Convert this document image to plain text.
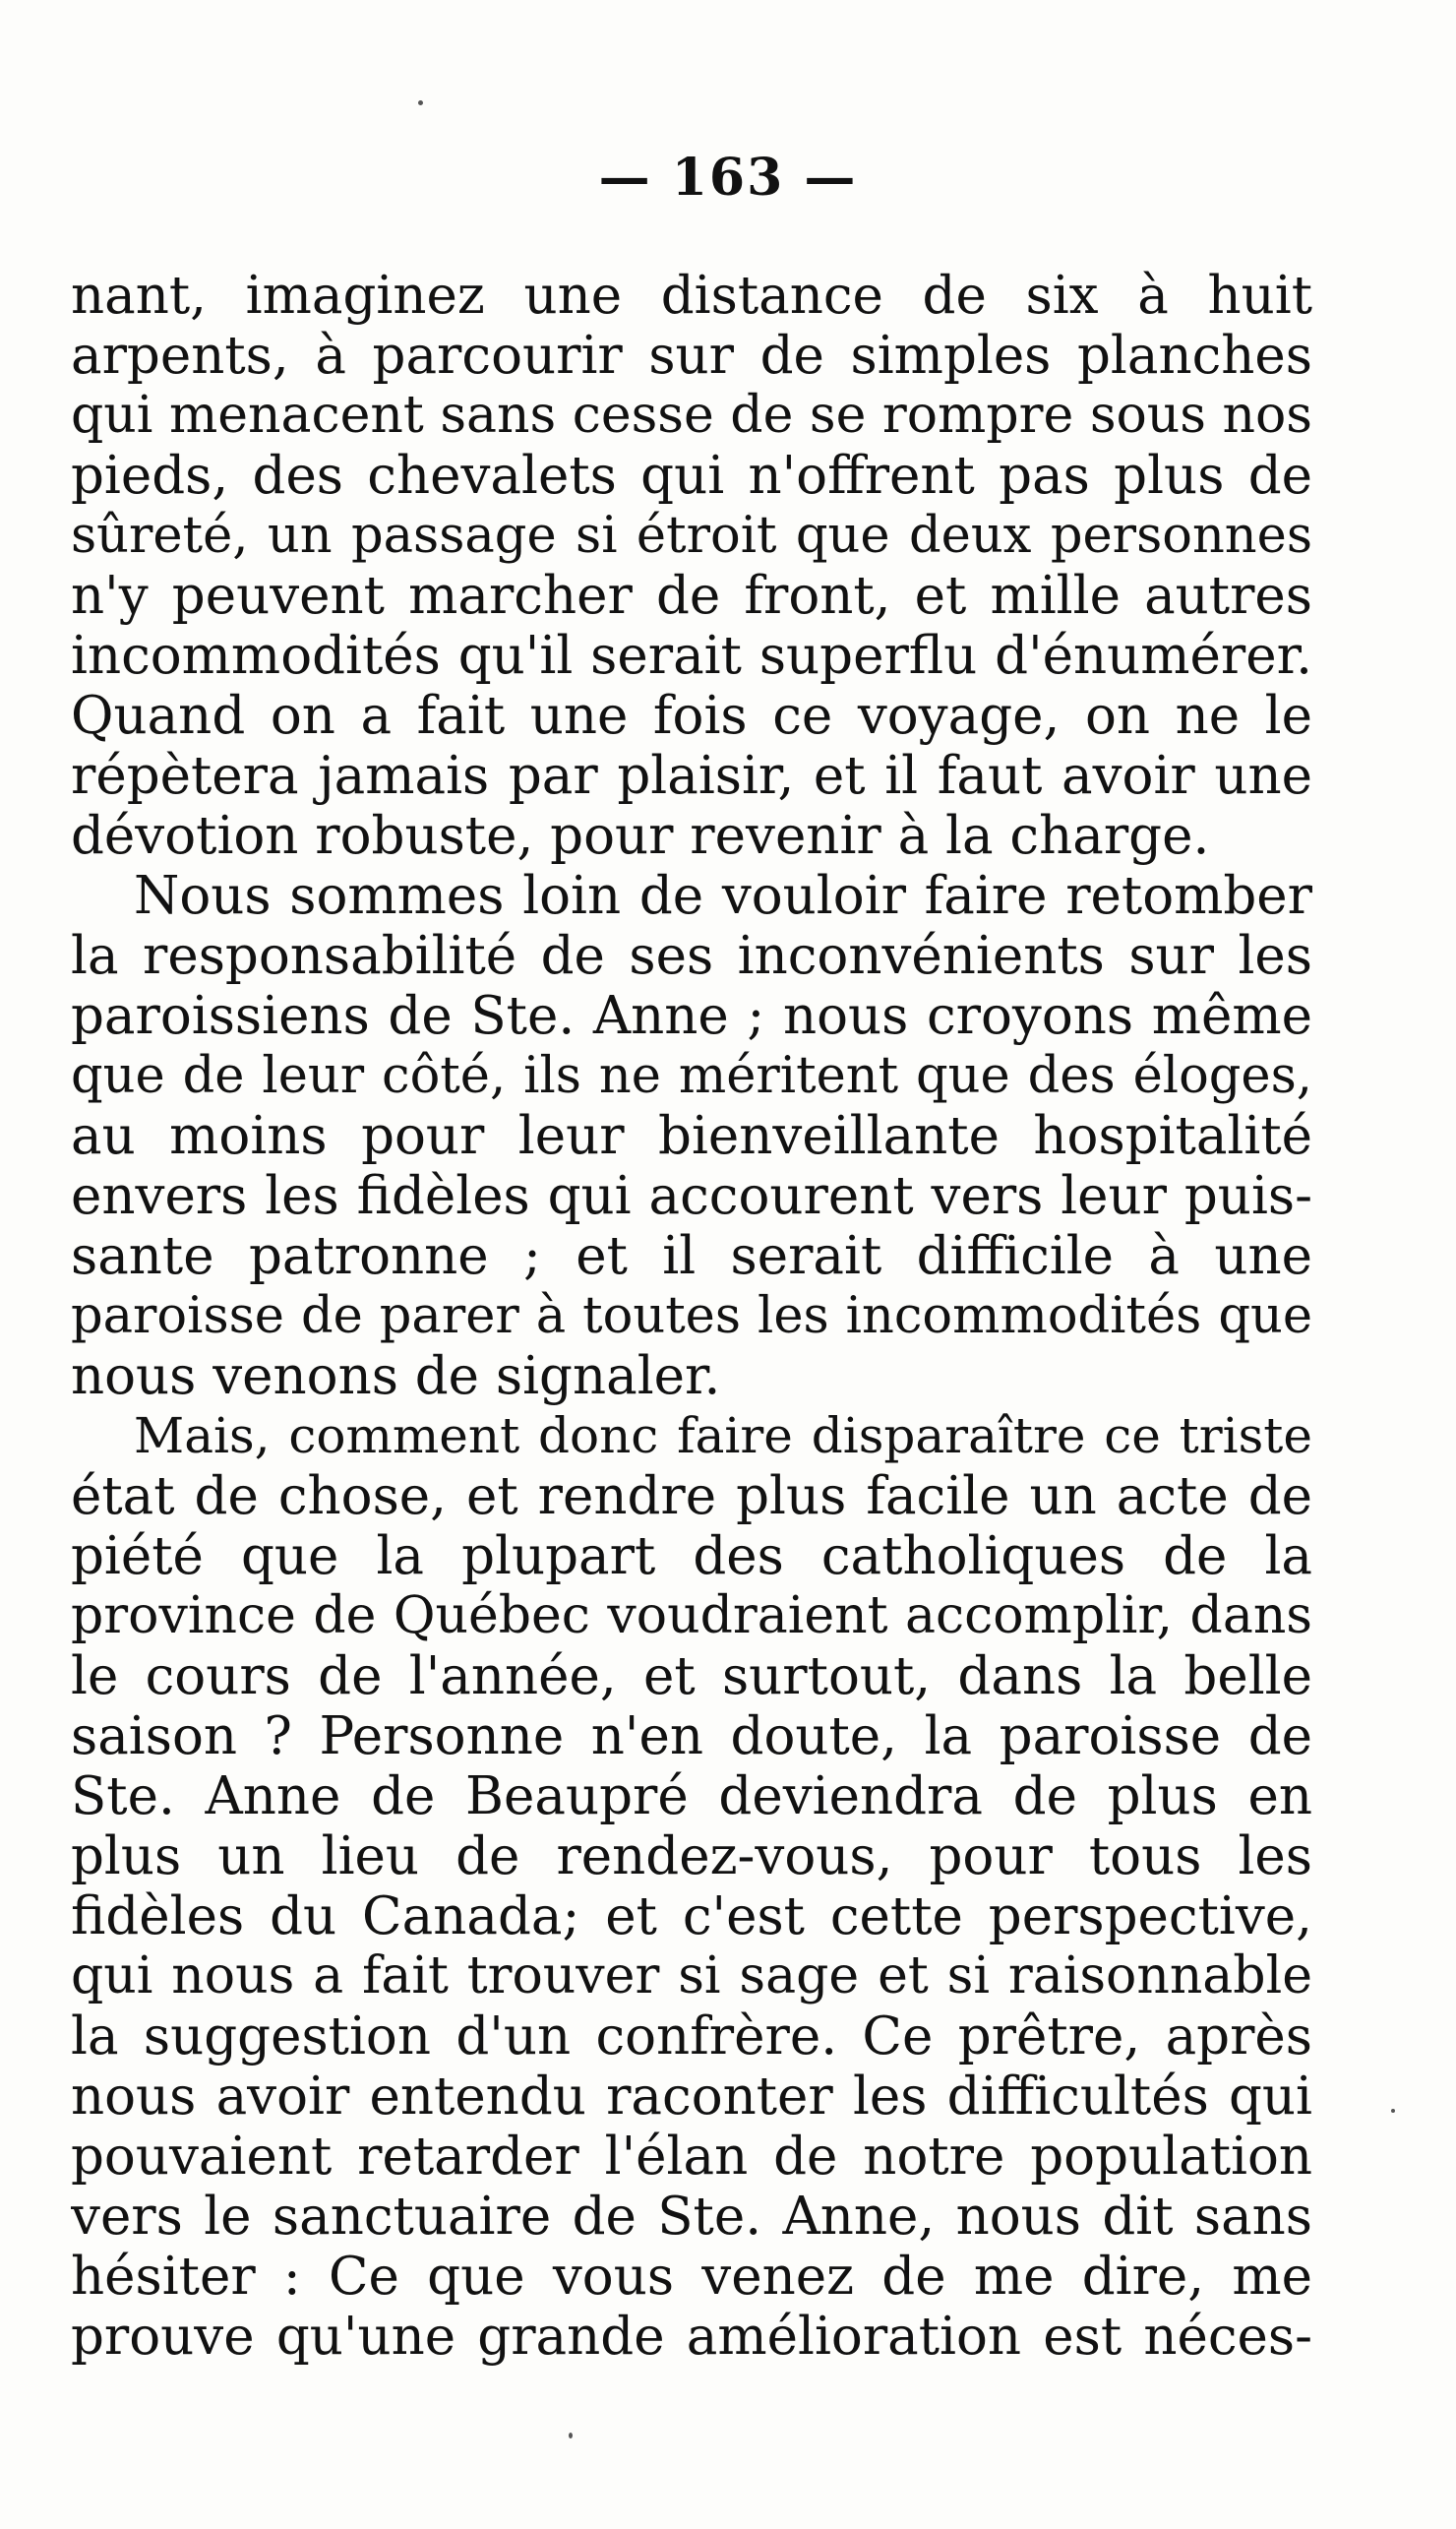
— 163 —
nant, imaginez une distance de six à huit
arpents, à parcourir sur de simples planches
qui menacent sans cesse de se rompre sous nos
pieds, des chevalets qui n'offrent pas plus de
sûreté, un passage si étroit que deux personnes
n'y peuvent marcher de front, et mille autres
incommodités qu'il serait superflu d'énumérer.
Quand on a fait une fois ce voyage, on ne le
répètera jamais par plaisir, et il faut avoir une
dévotion robuste, pour revenir à la charge.
Nous sommes loin de vouloir faire retomber
la responsabilité de ses inconvénients sur les
paroissiens de Ste. Anne ; nous croyons même
que de leur côté, ils ne méritent que des éloges,
au moins pour leur bienveillante hospitalité
envers les fidèles qui accourent vers leur puis-
sante patronne ; et il serait difficile à une
paroisse de parer à toutes les incommodités que
nous venons de signaler.
Mais, comment donc faire disparaître ce triste
état de chose, et rendre plus facile un acte de
piété que la plupart des catholiques de la
province de Québec voudraient accomplir, dans
le cours de l'année, et surtout, dans la belle
saison ? Personne n'en doute, la paroisse de
Ste. Anne de Beaupré deviendra de plus en
plus un lieu de rendez-vous, pour tous les
fidèles du Canada; et c'est cette perspective,
qui nous a fait trouver si sage et si raisonnable
la suggestion d'un confrère. Ce prêtre, après
nous avoir entendu raconter les difficultés qui
pouvaient retarder l'élan de notre population
vers le sanctuaire de Ste. Anne, nous dit sans
hésiter : Ce que vous venez de me dire, me
prouve qu'une grande amélioration est néces-
